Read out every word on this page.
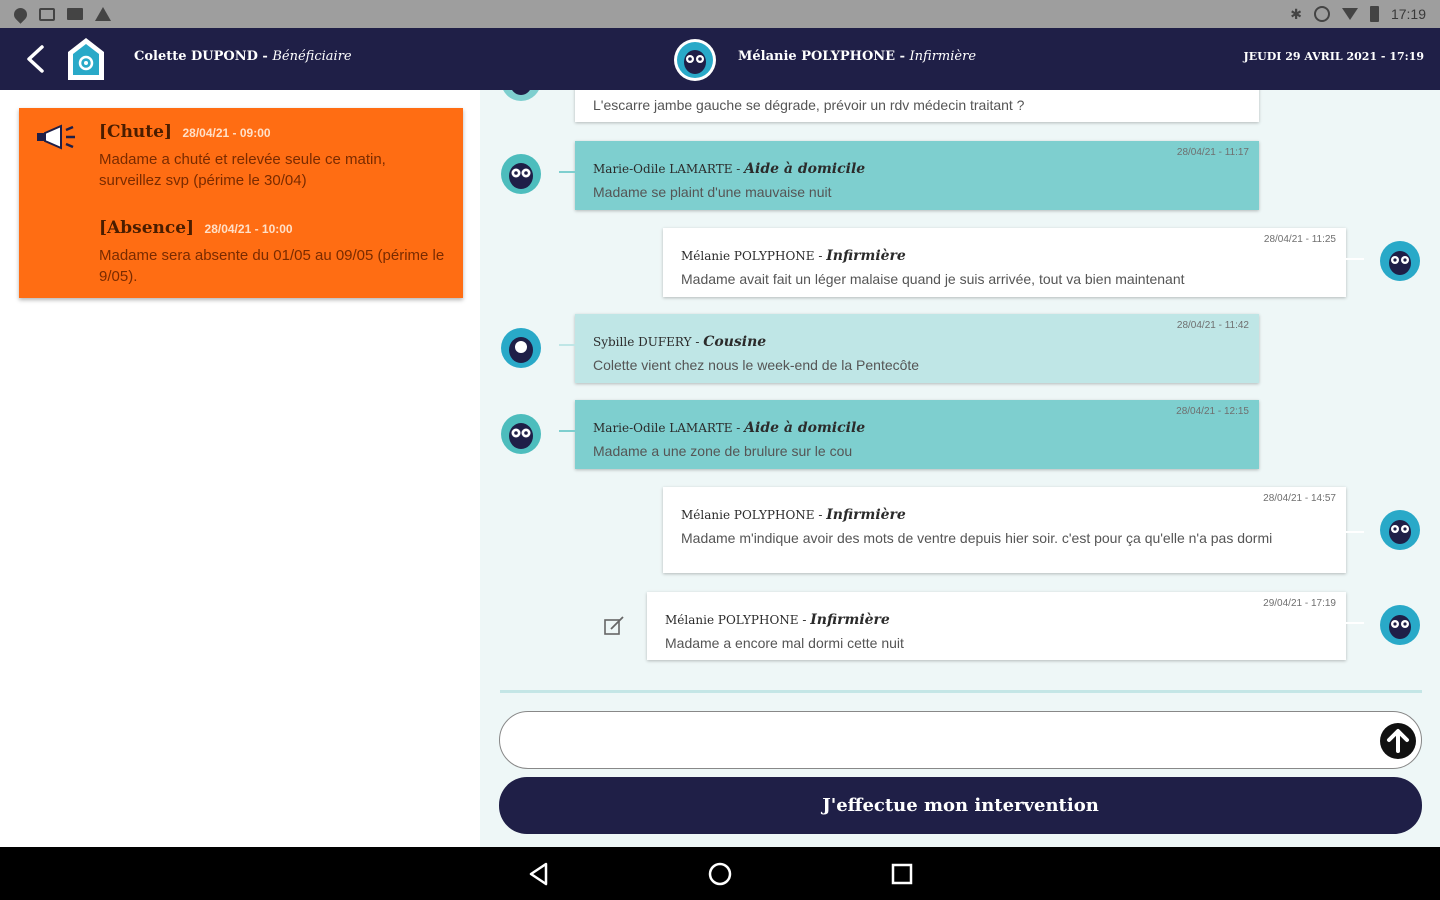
✱	17:19
Colette DUPOND - Bénéficiaire	Mélanie POLYPHONE - Infirmière	JEUDI 29 AVRIL 2021 - 17:19
[Chute] 28/04/21 - 09:00
Madame a chuté et relevée seule ce matin, surveillez svp (périme le 30/04)
[Absence] 28/04/21 - 10:00
Madame sera absente du 01/05 au 09/05 (périme le 9/05).
L'escarre jambe gauche se dégrade, prévoir un rdv médecin traitant ?
28/04/21 - 11:17
Marie-Odile LAMARTE - Aide à domicile
Madame se plaint d'une mauvaise nuit
28/04/21 - 11:25
Mélanie POLYPHONE - Infirmière
Madame avait fait un léger malaise quand je suis arrivée, tout va bien maintenant
28/04/21 - 11:42
Sybille DUFERY - Cousine
Colette vient chez nous le week-end de la Pentecôte
28/04/21 - 12:15
Marie-Odile LAMARTE - Aide à domicile
Madame a une zone de brulure sur le cou
28/04/21 - 14:57
Mélanie POLYPHONE - Infirmière
Madame m'indique avoir des mots de ventre depuis hier soir. c'est pour ça qu'elle n'a pas dormi
29/04/21 - 17:19
Mélanie POLYPHONE - Infirmière
Madame a encore mal dormi cette nuit
J'effectue mon intervention
